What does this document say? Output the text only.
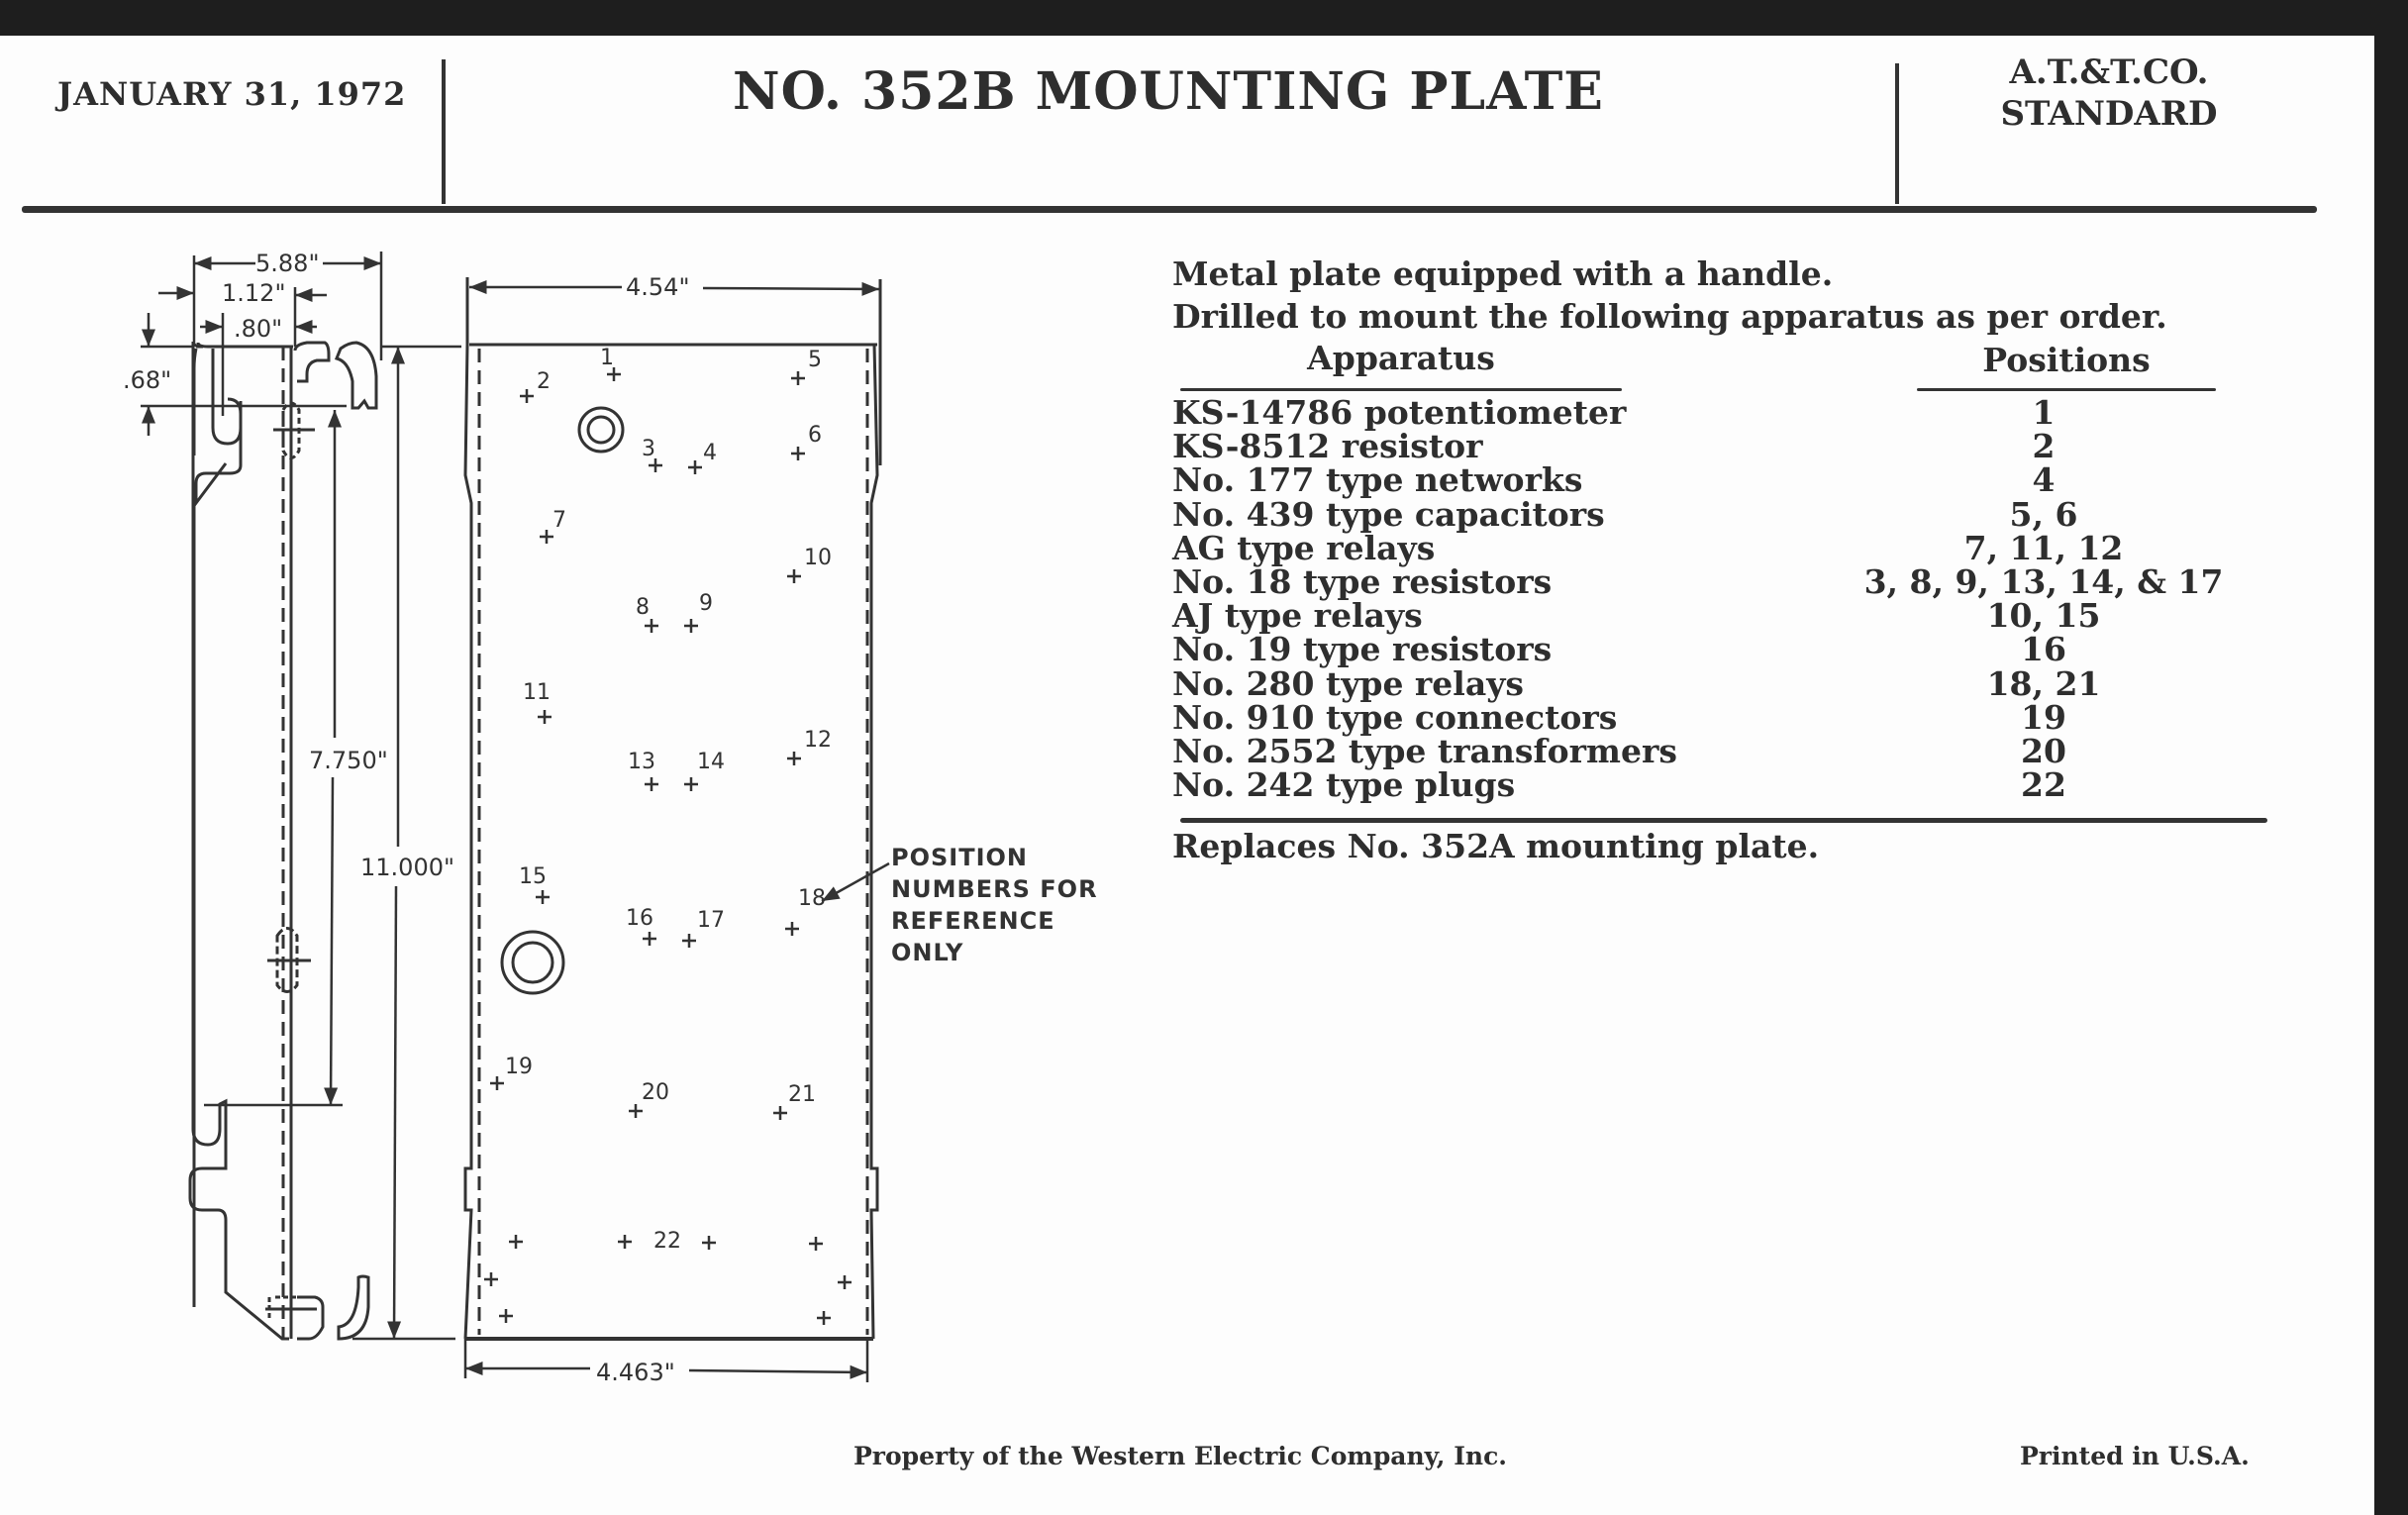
JANUARY 31, 1972	NO. 352B MOUNTING PLATE	A.T.&T.CO.
STANDARD
Metal plate equipped with a handle.
Drilled to mount the following apparatus as per order.
Apparatus	Positions
KS-14786 potentiometer	1
KS-8512 resistor	2
No. 177 type networks	4
No. 439 type capacitors	5, 6
AG type relays	7, 11, 12
No. 18 type resistors	3, 8, 9, 13, 14, & 17
AJ type relays	10, 15
No. 19 type resistors	16
No. 280 type relays	18, 21
No. 910 type connectors	19
No. 2552 type transformers	20
No. 242 type plugs	22
Replaces No. 352A mounting plate.
5.88"
1.12"
.80"
.68"
7.750"
11.000"
4.54"
4.463"
1
2
3 4
5
6
7
8 9
10
11
12
13 14
15
16 17
18
19
20	21
22
POSITION
NUMBERS FOR
REFERENCE
ONLY
Property of the Western Electric Company, Inc.	Printed in U.S.A.
